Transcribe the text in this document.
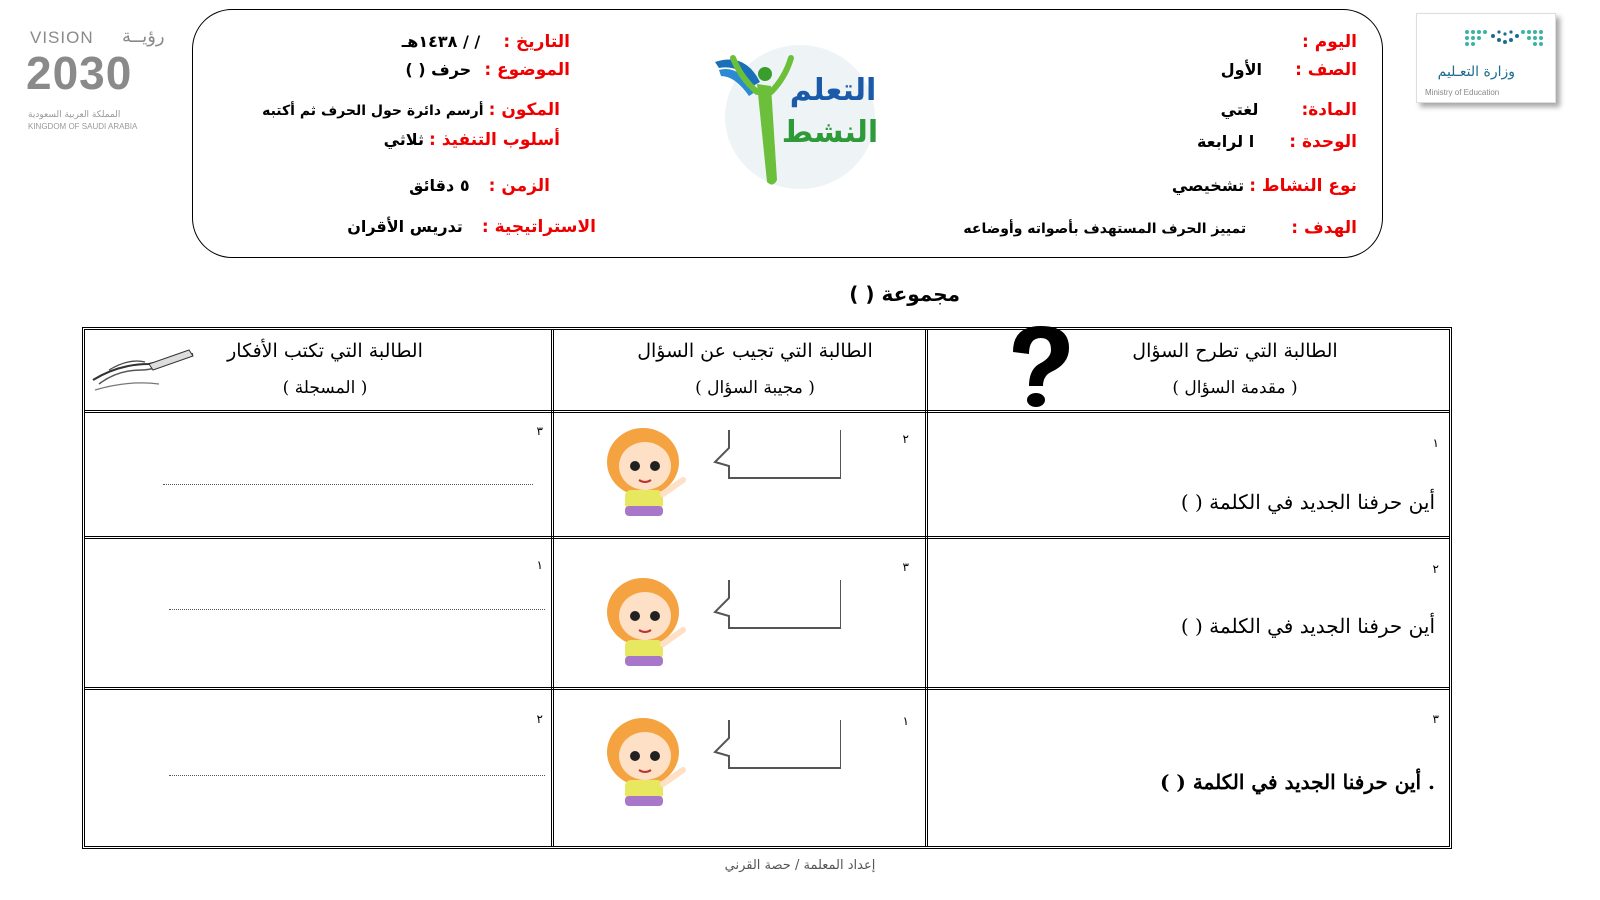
VISION رؤيــة
2030
المملكة العربية السعودية
KINGDOM OF SAUDI ARABIA
وزارة التعـليم
Ministry of Education
اليوم :
الصف : الأول
المادة: لغتي
الوحدة : ا لرابعة
نوع النشاط : تشخيصي
الهدف : تمييز الحرف المستهدف بأصواته وأوضاعه
التاريخ : / / ١٤٣٨هـ
الموضوع : حرف ( )
المكون : أرسم دائرة حول الحرف ثم أكتبه
أسلوب التنفيذ : ثلاثي
الزمن : ٥ دقائق
الاستراتيجية : تدريس الأقران
التعلم
النشط
مجموعة ( )
الطالبة التي تطرح السؤال
( مقدمة السؤال )
الطالبة التي تجيب عن السؤال
( مجيبة السؤال )
الطالبة التي تكتب الأفكار
( المسجلة )
١
أين حرفنا الجديد في الكلمة ( )
٢
٣
٢
أين حرفنا الجديد في الكلمة ( )
٣
١
٣
. أين حرفنا الجديد في الكلمة ( )
١
٢
إعداد المعلمة / حصة القرني
